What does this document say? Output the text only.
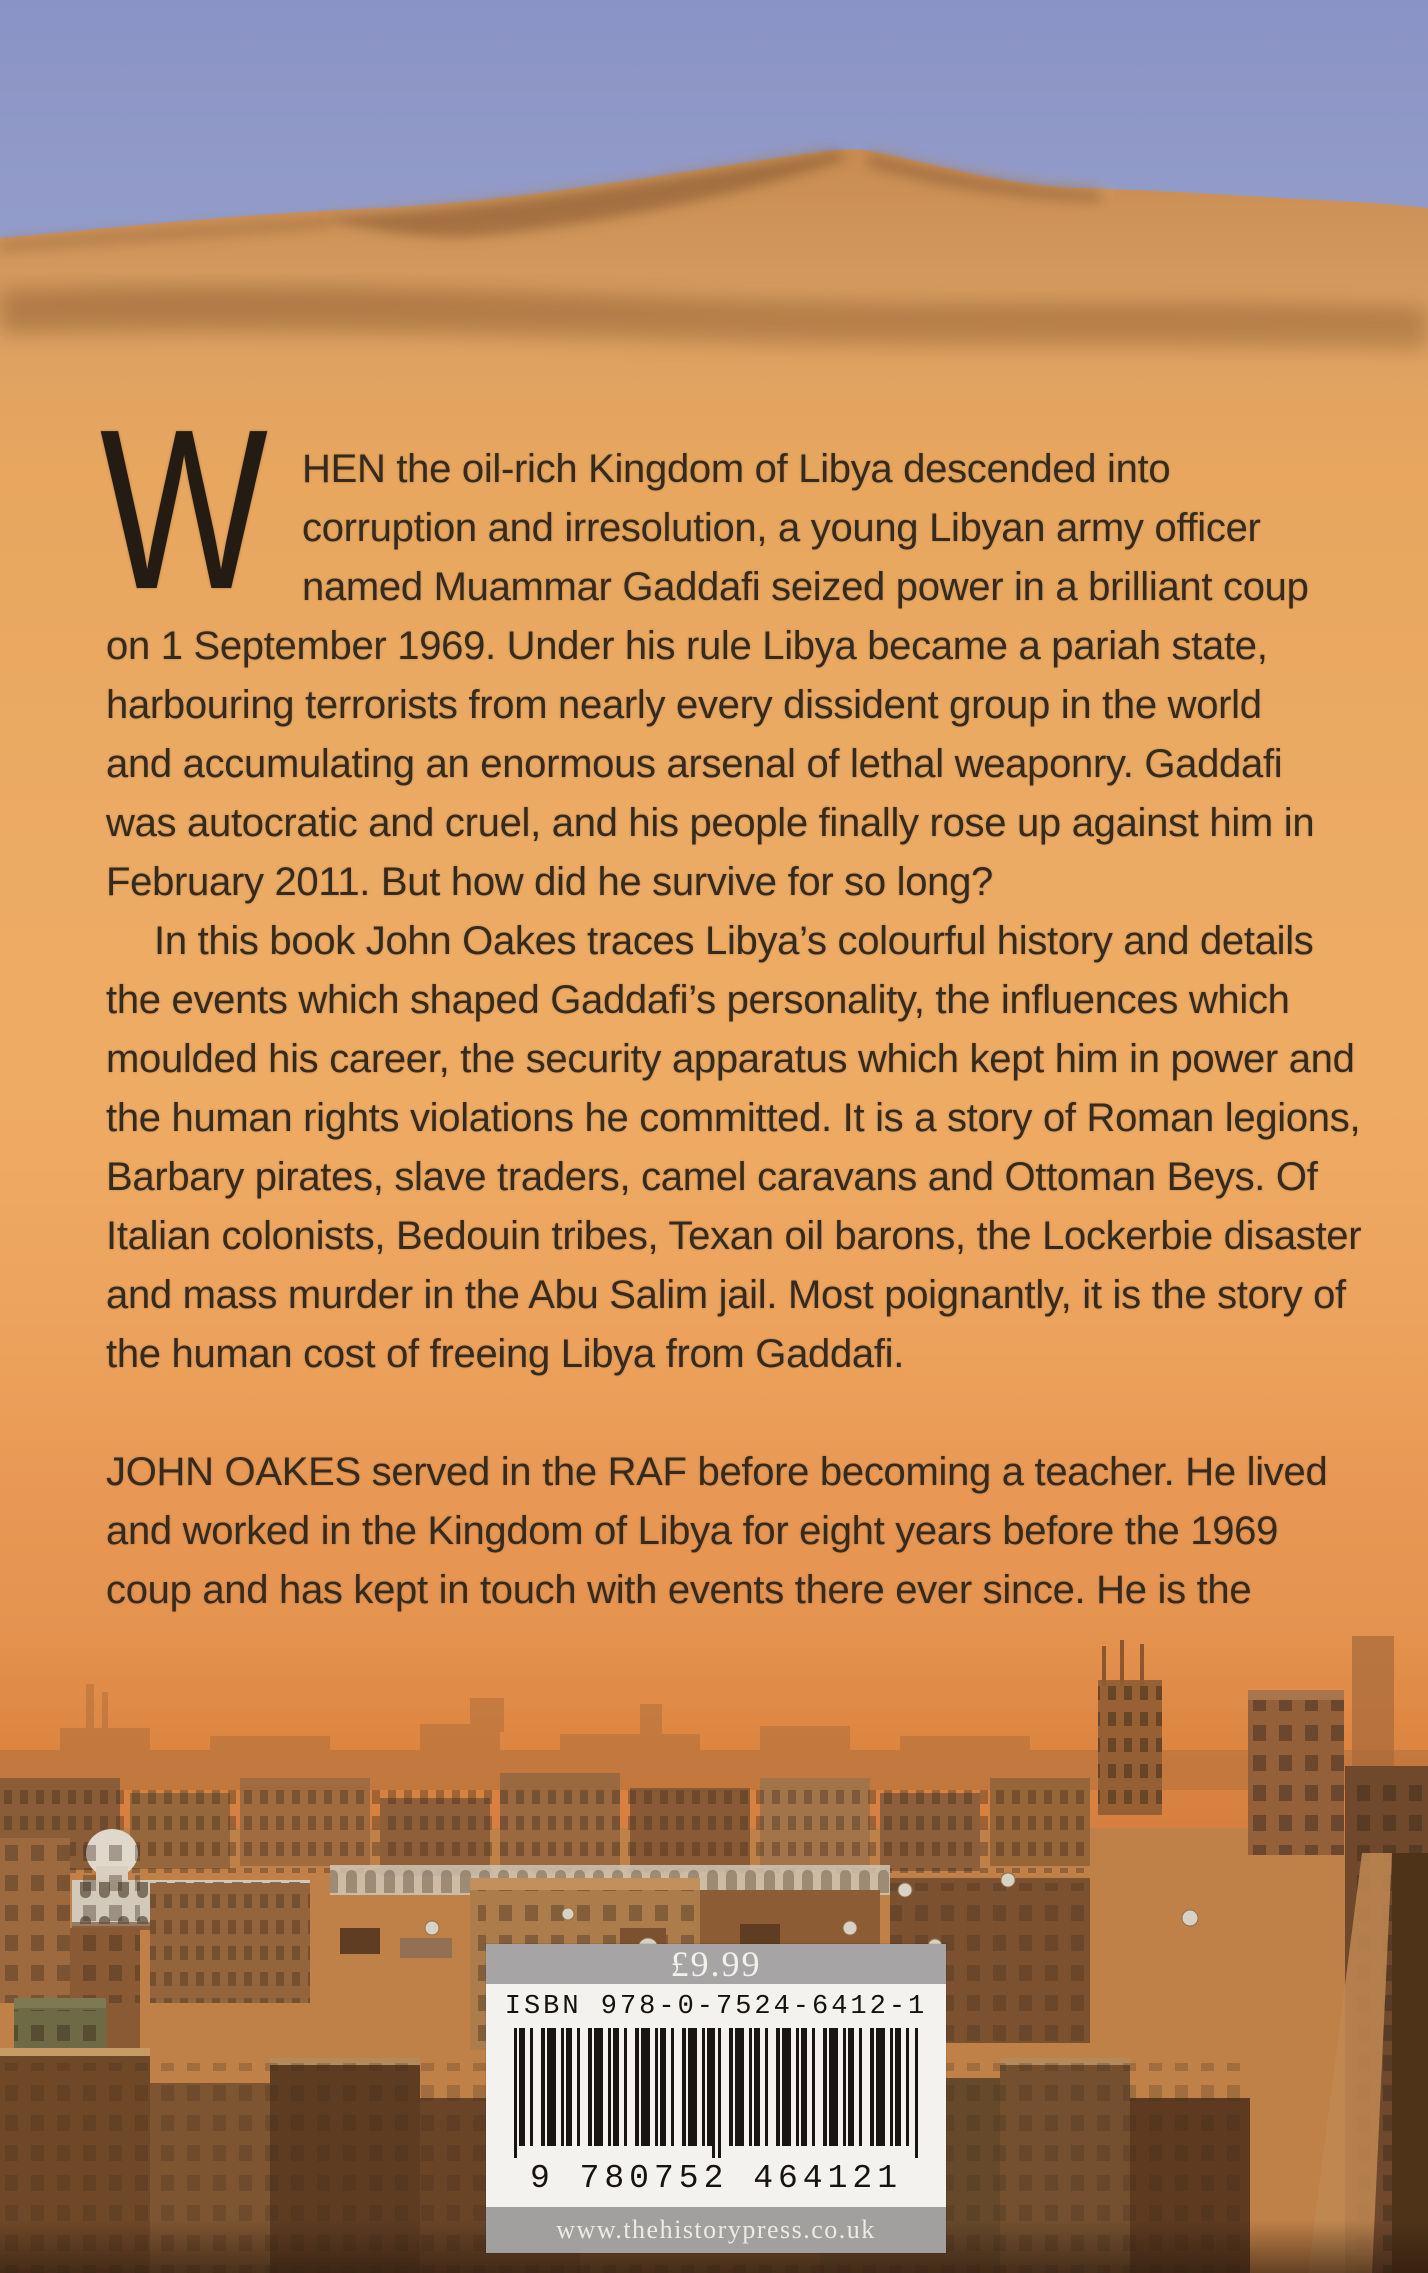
W HEN the oil-rich Kingdom of Libya descended into
corruption and irresolution, a young Libyan army officer
named Muammar Gaddafi seized power in a brilliant coup
on 1 September 1969. Under his rule Libya became a pariah state,
harbouring terrorists from nearly every dissident group in the world
and accumulating an enormous arsenal of lethal weaponry. Gaddafi
was autocratic and cruel, and his people finally rose up against him in
February 2011. But how did he survive for so long?
In this book John Oakes traces Libya’s colourful history and details
the events which shaped Gaddafi’s personality, the influences which
moulded his career, the security apparatus which kept him in power and
the human rights violations he committed. It is a story of Roman legions,
Barbary pirates, slave traders, camel caravans and Ottoman Beys. Of
Italian colonists, Bedouin tribes, Texan oil barons, the Lockerbie disaster
and mass murder in the Abu Salim jail. Most poignantly, it is the story of
the human cost of freeing Libya from Gaddafi.
JOHN OAKES served in the RAF before becoming a teacher. He lived
and worked in the Kingdom of Libya for eight years before the 1969
coup and has kept in touch with events there ever since. He is the
£9.99
ISBN 978-0-7524-6412-1
9 780752 464121
www.thehistorypress.co.uk
